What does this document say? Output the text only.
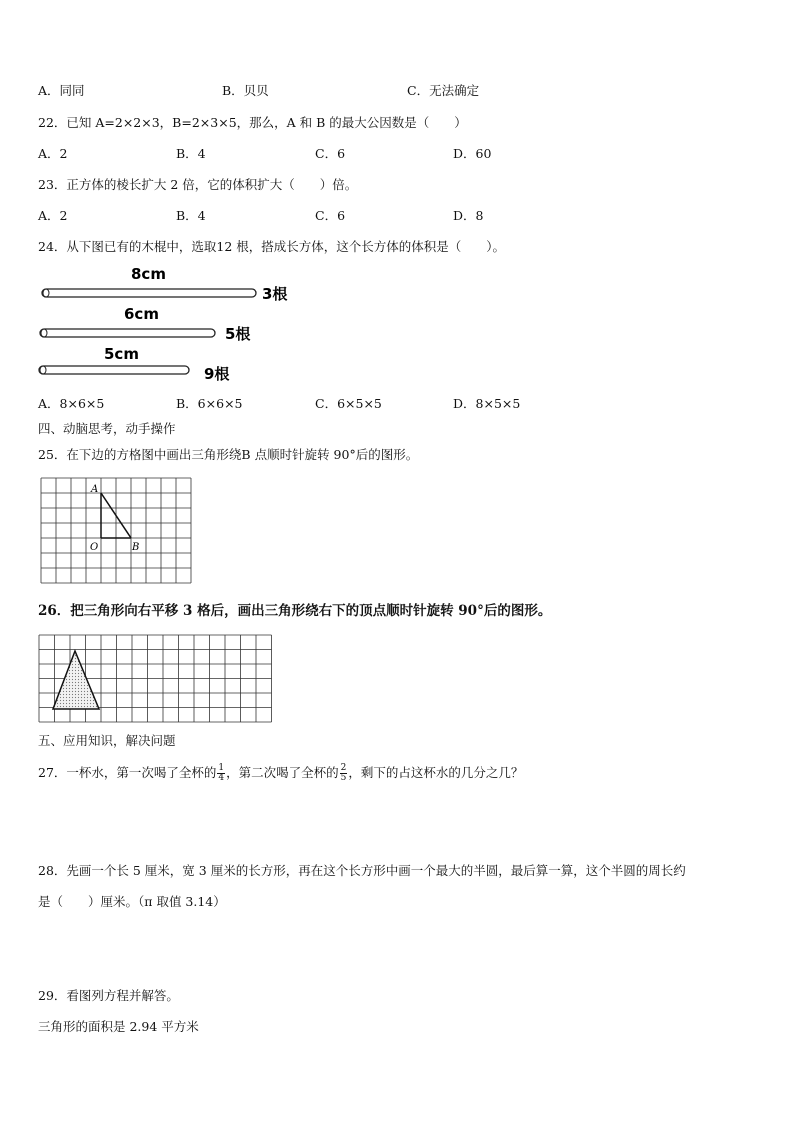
A．同同	B．贝贝	C．无法确定
22．已知 A=2×2×3，B=2×3×5，那么，A 和 B 的最大公因数是（　　）
A．2	B．4	C．6	D．60
23．正方体的棱长扩大 2 倍，它的体积扩大（　　）倍。
A．2	B．4	C．6	D．8
24．从下图已有的木棍中，选取12 根，搭成长方体，这个长方体的体积是（　　）。
8cm
3根
6cm
5根
5cm
9根
A．8×6×5	B．6×6×5	C．6×5×5	D．8×5×5
四、动脑思考，动手操作
25．在下边的方格图中画出三角形绕B 点顺时针旋转 90°后的图形。
A
O	B
26．把三角形向右平移 3 格后，画出三角形绕右下的顶点顺时针旋转 90°后的图形。
五、应用知识，解决问题
27．一杯水，第一次喝了全杯的 $\frac{1}{4}$ ，第二次喝了全杯的 $\frac{2}{5}$ ，剩下的占这杯水的几分之几？
28．先画一个长 5 厘米，宽 3 厘米的长方形，再在这个长方形中画一个最大的半圆，最后算一算，这个半圆的周长约
是（　　）厘米。（π 取值 3.14）
29．看图列方程并解答。
三角形的面积是 2.94 平方米
